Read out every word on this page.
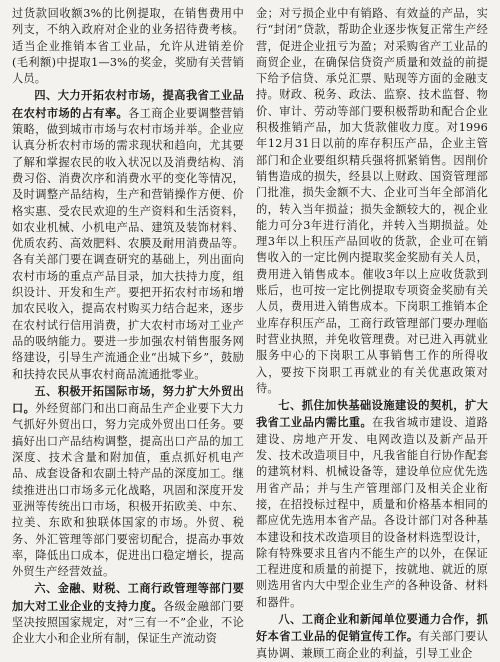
过货款回收额3%的比例提取，在销售费用中列支，不纳入政府对企业的业务招待费考核。适当企业推销本省工业品，允许从进销差价(毛利额)中提取1—3%的奖金，奖励有关营销人员。

四、大力开拓农村市场，提高我省工业品在农村市场的占有率。各工商企业要调整营销策略，做到城市市场与农村市场并举。企业应认真分析农村市场的需求现状和趋向，尤其要了解和掌握农民的收入状况以及消费结构、消费习俗、消费次序和消费水平的变化等情况，及时调整产品结构，生产和营销操作方便、价格实惠、受农民欢迎的生产资料和生活资料，如农业机械、小机电产品、建筑及装饰材料、优质农药、高效肥料、农膜及耐用消费品等。各有关部门要在调查研究的基础上，列出面向农村市场的重点产品目录，加大扶持力度，组织设计、开发和生产。要把开拓农村市场和增加农民收入，提高农村购买力结合起来，逐步在农村试行信用消费，扩大农村市场对工业产品的吸纳能力。要进一步加强农村销售服务网络建设，引导生产流通企业“出城下乡”，鼓励和扶持农民从事农村商品流通批零业。

五、积极开拓国际市场，努力扩大外贸出口。外经贸部门和出口商品生产企业要下大力气抓好外贸出口，努力完成外贸出口任务。要搞好出口产品结构调整，提高出口产品的加工深度、技术含量和附加值，重点抓好机电产品、成套设备和农副土特产品的深度加工。继续推进出口市场多元化战略，巩固和深度开发亚洲等传统出口市场，积极开拓欧美、中东、拉美、东欧和独联体国家的市场。外贸、税务、外汇管理等部门要密切配合，提高办事效率，降低出口成本，促进出口稳定增长，提高外贸生产经营效益。

六、金融、财税、工商行政管理等部门要加大对工业企业的支持力度。各级金融部门要坚决按照国家规定，对“三有一不”企业，不论企业大小和企业所有制，保证生产流动资

金；对亏损企业中有销路、有效益的产品，实行“封闭”贷款，帮助企业逐步恢复正常生产经营，促进企业扭亏为盈；对采购省产工业品的商贸企业，在确保信贷资产质量和效益的前提下给予信贷、承兑汇票、贴现等方面的金融支持。财政、税务、政法、监察、技术监督、物价、审计、劳动等部门要积极帮助和配合企业积极推销产品，加大货款催收力度。对1996年12月31日以前的库存积压产品，企业主管部门和企业要组织精兵强将抓紧销售。因削价销售造成的损失，经县以上财政、国资管理部门批准，损失金额不大、企业可当年全部消化的，转入当年损益；损失金额较大的，视企业能力可分3年进行消化，并转入当期损益。处理3年以上积压产品回收的货款，企业可在销售收入的一定比例内提取奖金奖励有关人员，费用进入销售成本。催收3年以上应收货款到账后，也可按一定比例提取专项资金奖励有关人员，费用进入销售成本。下岗职工推销本企业库存积压产品，工商行政管理部门要办理临时营业执照，并免收管理费。对已进入再就业服务中心的下岗职工从事销售工作的所得收入，要按下岗职工再就业的有关优惠政策对待。

七、抓住加快基础设施建设的契机，扩大我省工业品内需比重。在我省城市建设、道路建设、房地产开发、电网改造以及新产品开发、技术改造项目中，凡我省能自行协作配套的建筑材料、机械设备等，建设单位应优先选用省产品；并与生产管理部门及相关企业衔接，在招投标过程中，质量和价格基本相同的都应优先选用本省产品。各设计部门对各种基本建设和技术改造项目的设备材料选型设计，除有特殊要求且省内不能生产的以外，在保证工程进度和质量的前提下，按就地、就近的原则选用省内大中型企业生产的各种设备、材料和器件。

八、工商企业和新闻单位要通力合作，抓好本省工业品的促销宣传工作。有关部门要认真协调、兼顾工商企业的利益，引导工业企
